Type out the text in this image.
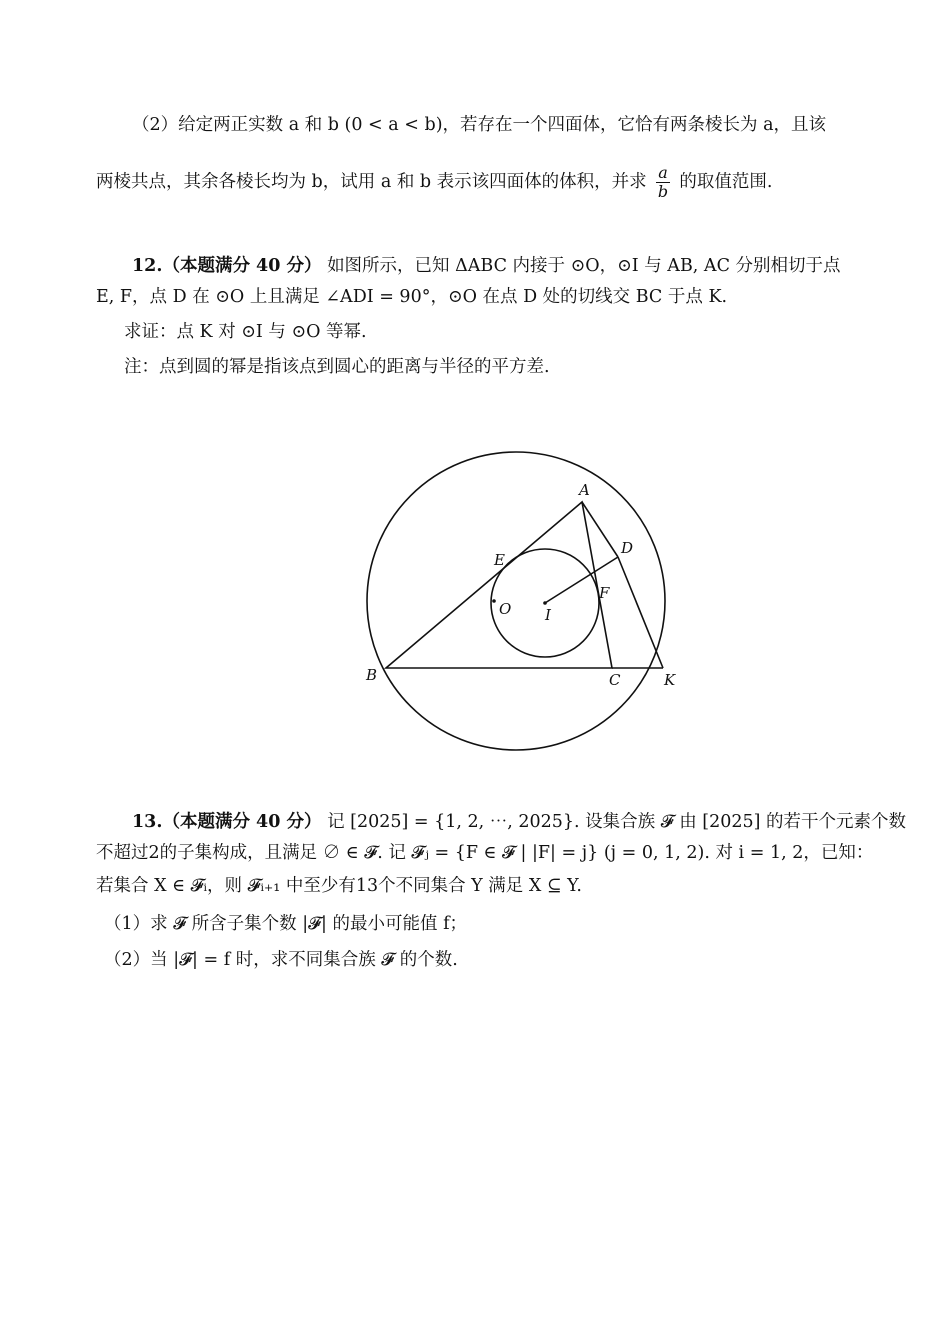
（2）给定两正实数 a 和 b (0 < a < b)，若存在一个四面体，它恰有两条棱长为 a，且该
两棱共点，其余各棱长均为 b，试用 a 和 b 表示该四面体的体积，并求 $\frac{a}{b}$ 的取值范围.
12.（本题满分 40 分） 如图所示，已知 ΔABC 内接于 ⊙O，⊙I 与 AB, AC 分别相切于点
E, F，点 D 在 ⊙O 上且满足 ∠ADI = 90°，⊙O 在点 D 处的切线交 BC 于点 K.
求证：点 K 对 ⊙I 与 ⊙O 等幂.
注：点到圆的幂是指该点到圆心的距离与半径的平方差.
A
B	C
D
E
F
O I
K
13.（本题满分 40 分） 记 [2025] = {1, 2, ⋯, 2025}. 设集合族 𝓕 由 [2025] 的若干个元素个数
不超过2的子集构成，且满足 ∅ ∈ 𝓕. 记 𝓕ⱼ = {F ∈ 𝓕 | |F| = j} (j = 0, 1, 2). 对 i = 1, 2，已知：
若集合 X ∈ 𝓕ᵢ，则 𝓕ᵢ₊₁ 中至少有13个不同集合 Y 满足 X ⊆ Y.
（1）求 𝓕 所含子集个数 |𝓕| 的最小可能值 f；
（2）当 |𝓕| = f 时，求不同集合族 𝓕 的个数.
